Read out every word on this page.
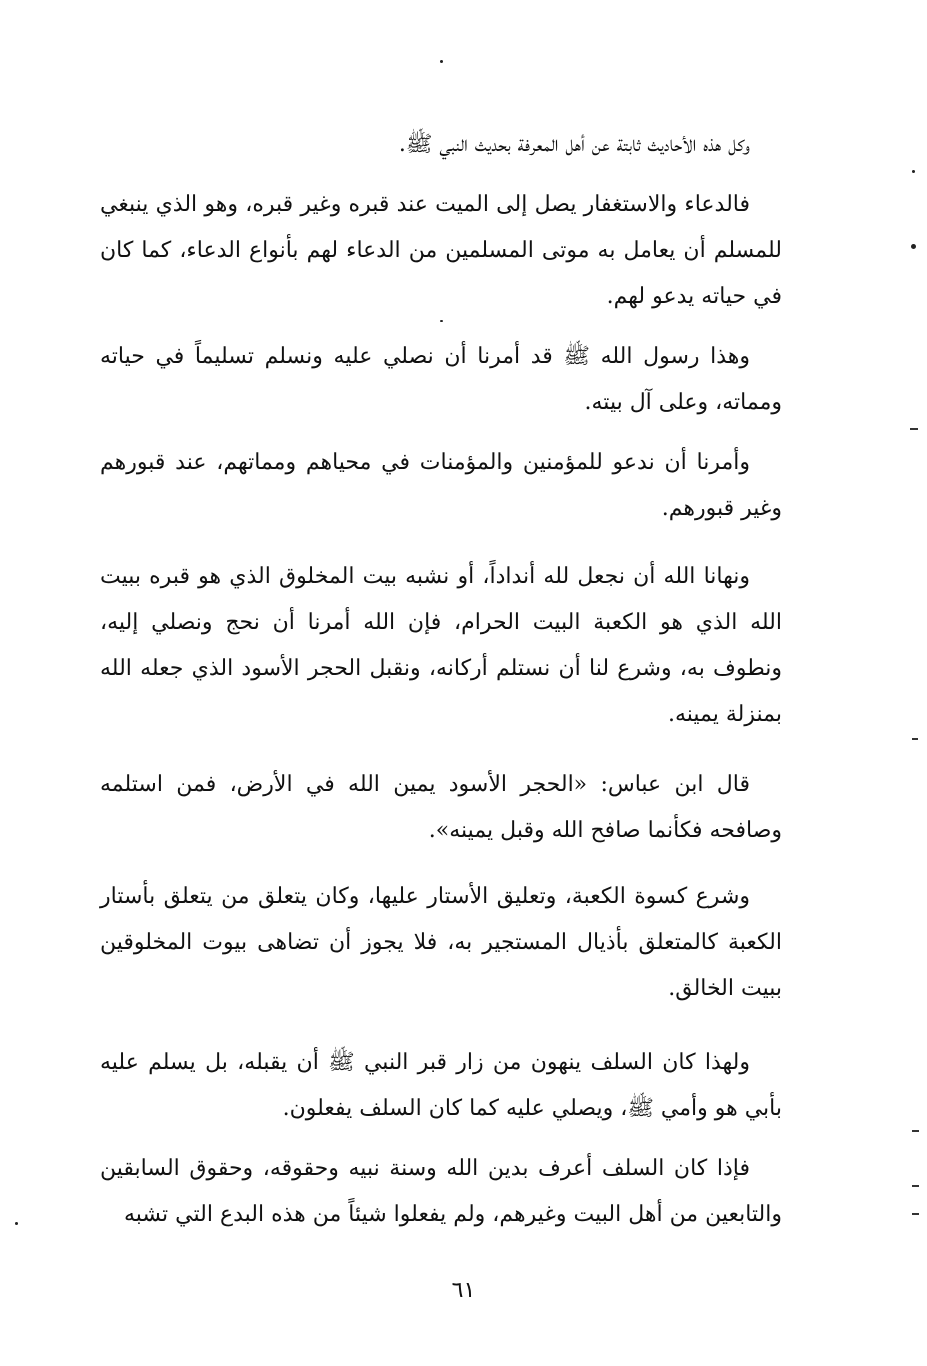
وكل هذه الأحاديث ثابتة عن أهل المعرفة بحديث النبي ﷺ.

فالدعاء والاستغفار يصل إلى الميت عند قبره وغير قبره، وهو الذي ينبغي للمسلم أن يعامل به موتى المسلمين من الدعاء لهم بأنواع الدعاء، كما كان في حياته يدعو لهم.

وهذا رسول الله ﷺ قد أمرنا أن نصلي عليه ونسلم تسليماً في حياته ومماته، وعلى آل بيته.

وأمرنا أن ندعو للمؤمنين والمؤمنات في محياهم ومماتهم، عند قبورهم وغير قبورهم.

ونهانا الله أن نجعل لله أنداداً، أو نشبه بيت المخلوق الذي هو قبره ببيت الله الذي هو الكعبة البيت الحرام، فإن الله أمرنا أن نحج ونصلي إليه، ونطوف به، وشرع لنا أن نستلم أركانه، ونقبل الحجر الأسود الذي جعله الله بمنزلة يمينه.

قال ابن عباس: «الحجر الأسود يمين الله في الأرض، فمن استلمه وصافحه فكأنما صافح الله وقبل يمينه».

وشرع كسوة الكعبة، وتعليق الأستار عليها، وكان يتعلق من يتعلق بأستار الكعبة كالمتعلق بأذيال المستجير به، فلا يجوز أن تضاهى بيوت المخلوقين ببيت الخالق.

ولهذا كان السلف ينهون من زار قبر النبي ﷺ أن يقبله، بل يسلم عليه بأبي هو وأمي ﷺ، ويصلي عليه كما كان السلف يفعلون.

فإذا كان السلف أعرف بدين الله وسنة نبيه وحقوقه، وحقوق السابقين والتابعين من أهل البيت وغيرهم، ولم يفعلوا شيئاً من هذه البدع التي تشبه

٦١
